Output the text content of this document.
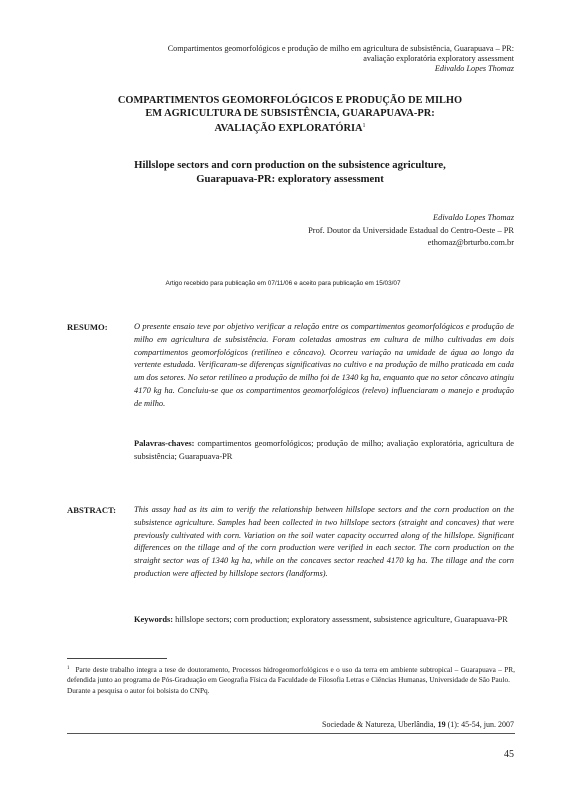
Compartimentos geomorfológicos e produção de milho em agricultura de subsistência, Guarapuava – PR:
avaliação exploratória exploratory assessment
Edivaldo Lopes Thomaz
COMPARTIMENTOS GEOMORFOLÓGICOS E PRODUÇÃO DE MILHO
EM AGRICULTURA DE SUBSISTÊNCIA, GUARAPUAVA-PR:
AVALIAÇÃO EXPLORATÓRIA$^1$
Hillslope sectors and corn production on the subsistence agriculture,
Guarapuava-PR: exploratory assessment
Edivaldo Lopes Thomaz
Prof. Doutor da Universidade Estadual do Centro-Oeste – PR
ethomaz@brturbo.com.br
Artigo recebido para publicação em 07/11/06 e aceito para publicação em 15/03/07
RESUMO:	O presente ensaio teve por objetivo verificar a relação entre os compartimentos geomorfológicos e produção de milho em agricultura de subsistência. Foram coletadas amostras em cultura de milho cultivadas em dois compartimentos geomorfológicos (retilíneo e côncavo). Ocorreu variação na umidade de água ao longo da vertente estudada. Verificaram-se diferenças significativas no cultivo e na produção de milho praticada em cada um dos setores. No setor retilíneo a produção de milho foi de 1340 kg ha, enquanto que no setor côncavo atingiu 4170 kg ha. Concluiu-se que os compartimentos geomorfológicos (relevo) influenciaram o manejo e produção de milho.
Palavras-chaves: compartimentos geomorfológicos; produção de milho; avaliação exploratória, agricultura de subsistência; Guarapuava-PR
ABSTRACT: This assay had as its aim to verify the relationship between hillslope sectors and the corn production on the subsistence agriculture. Samples had been collected in two hillslope sectors (straight and concaves) that were previously cultivated with corn. Variation on the soil water capacity occurred along of the hillslope. Significant differences on the tillage and of the corn production were verified in each sector. The corn production on the straight sector was of 1340 kg ha, while on the concaves sector reached 4170 kg ha. The tillage and the corn production were affected by hillslope sectors (landforms).
Keywords: hillslope sectors; corn production; exploratory assessment, subsistence agriculture, Guarapuava-PR
$^1$ Parte deste trabalho integra a tese de doutoramento, Processos hidrogeomorfológicos e o uso da terra em ambiente subtropical – Guarapuava – PR, defendida junto ao programa de Pós-Graduação em Geografia Física da Faculdade de Filosofia Letras e Ciências Humanas, Universidade de São Paulo.
Durante a pesquisa o autor foi bolsista do CNPq.
Sociedade & Natureza, Uberlândia, 19 (1): 45-54, jun. 2007
45
